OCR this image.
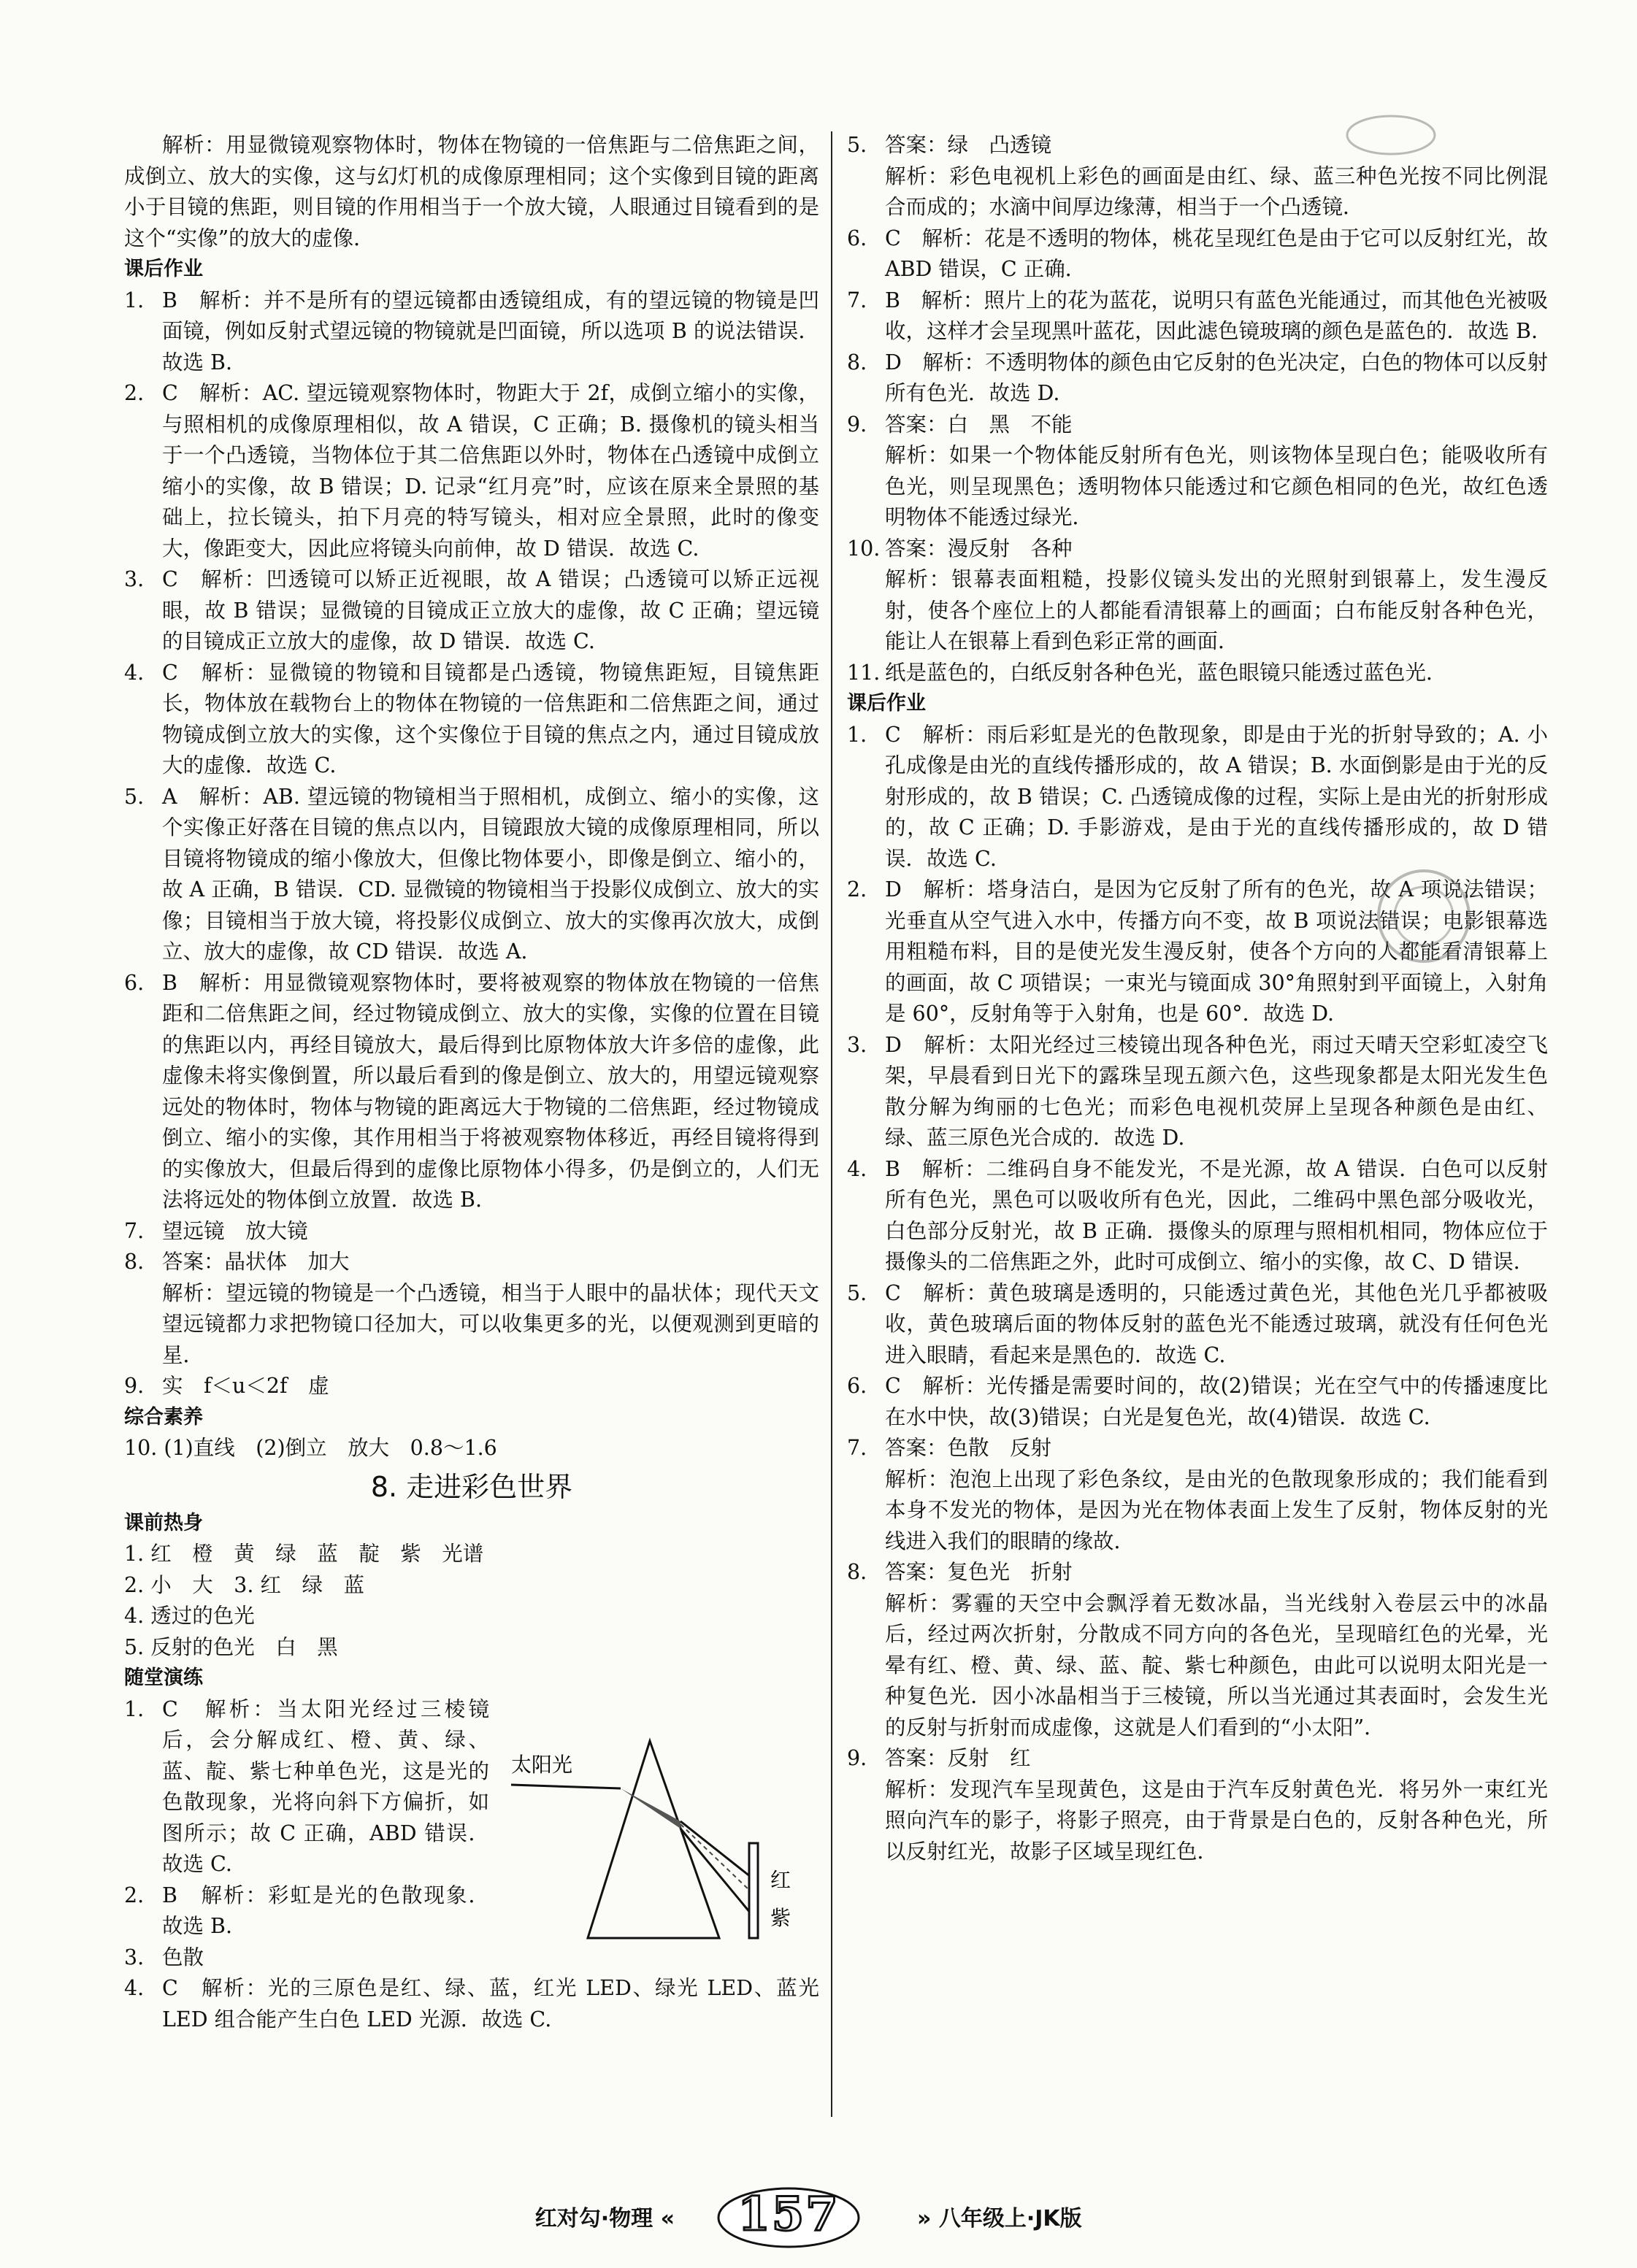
解析：用显微镜观察物体时，物体在物镜的一倍焦距与二倍焦距之间，成倒立、放大的实像，这与幻灯机的成像原理相同；这个实像到目镜的距离小于目镜的焦距，则目镜的作用相当于一个放大镜，人眼通过目镜看到的是这个“实像”的放大的虚像．

课后作业

1. B　解析：并不是所有的望远镜都由透镜组成，有的望远镜的物镜是凹面镜，例如反射式望远镜的物镜就是凹面镜，所以选项 B 的说法错误．故选 B.

2. C　解析：AC. 望远镜观察物体时，物距大于 2f，成倒立缩小的实像，与照相机的成像原理相似，故 A 错误，C 正确；B. 摄像机的镜头相当于一个凸透镜，当物体位于其二倍焦距以外时，物体在凸透镜中成倒立缩小的实像，故 B 错误；D. 记录“红月亮”时，应该在原来全景照的基础上，拉长镜头，拍下月亮的特写镜头，相对应全景照，此时的像变大，像距变大，因此应将镜头向前伸，故 D 错误．故选 C.

3. C　解析：凹透镜可以矫正近视眼，故 A 错误；凸透镜可以矫正远视眼，故 B 错误；显微镜的目镜成正立放大的虚像，故 C 正确；望远镜的目镜成正立放大的虚像，故 D 错误．故选 C.

4. C　解析：显微镜的物镜和目镜都是凸透镜，物镜焦距短，目镜焦距长，物体放在载物台上的物体在物镜的一倍焦距和二倍焦距之间，通过物镜成倒立放大的实像，这个实像位于目镜的焦点之内，通过目镜成放大的虚像．故选 C.

5. A　解析：AB. 望远镜的物镜相当于照相机，成倒立、缩小的实像，这个实像正好落在目镜的焦点以内，目镜跟放大镜的成像原理相同，所以目镜将物镜成的缩小像放大，但像比物体要小，即像是倒立、缩小的，故 A 正确，B 错误．CD. 显微镜的物镜相当于投影仪成倒立、放大的实像；目镜相当于放大镜，将投影仪成倒立、放大的实像再次放大，成倒立、放大的虚像，故 CD 错误．故选 A.

6. B　解析：用显微镜观察物体时，要将被观察的物体放在物镜的一倍焦距和二倍焦距之间，经过物镜成倒立、放大的实像，实像的位置在目镜的焦距以内，再经目镜放大，最后得到比原物体放大许多倍的虚像，此虚像未将实像倒置，所以最后看到的像是倒立、放大的，用望远镜观察远处的物体时，物体与物镜的距离远大于物镜的二倍焦距，经过物镜成倒立、缩小的实像，其作用相当于将被观察物体移近，再经目镜将得到的实像放大，但最后得到的虚像比原物体小得多，仍是倒立的，人们无法将远处的物体倒立放置．故选 B.

7. 望远镜　放大镜

8. 答案：晶状体　加大

解析：望远镜的物镜是一个凸透镜，相当于人眼中的晶状体；现代天文望远镜都力求把物镜口径加大，可以收集更多的光，以便观测到更暗的星．

9. 实　f＜u＜2f　虚

综合素养

10. (1)直线　(2)倒立　放大　0.8～1.6

8. 走进彩色世界

课前热身

1. 红　橙　黄　绿　蓝　靛　紫　光谱

2. 小　大　3. 红　绿　蓝

4. 透过的色光

5. 反射的色光　白　黑

随堂演练

1. C　解析：当太阳光经过三棱镜后，会分解成红、橙、黄、绿、蓝、靛、紫七种单色光，这是光的色散现象，光将向斜下方偏折，如图所示；故 C 正确，ABD 错误．故选 C.

2. B　解析：彩虹是光的色散现象．故选 B.

太阳光
红
紫

3. 色散

4. C　解析：光的三原色是红、绿、蓝，红光 LED、绿光 LED、蓝光 LED 组合能产生白色 LED 光源．故选 C.

5. 答案：绿　凸透镜

解析：彩色电视机上彩色的画面是由红、绿、蓝三种色光按不同比例混合而成的；水滴中间厚边缘薄，相当于一个凸透镜．

6. C　解析：花是不透明的物体，桃花呈现红色是由于它可以反射红光，故 ABD 错误，C 正确．

7. B　解析：照片上的花为蓝花，说明只有蓝色光能通过，而其他色光被吸收，这样才会呈现黑叶蓝花，因此滤色镜玻璃的颜色是蓝色的．故选 B.

8. D　解析：不透明物体的颜色由它反射的色光决定，白色的物体可以反射所有色光．故选 D.

9. 答案：白　黑　不能

解析：如果一个物体能反射所有色光，则该物体呈现白色；能吸收所有色光，则呈现黑色；透明物体只能透过和它颜色相同的色光，故红色透明物体不能透过绿光．

10. 答案：漫反射　各种

解析：银幕表面粗糙，投影仪镜头发出的光照射到银幕上，发生漫反射，使各个座位上的人都能看清银幕上的画面；白布能反射各种色光，能让人在银幕上看到色彩正常的画面．

11. 纸是蓝色的，白纸反射各种色光，蓝色眼镜只能透过蓝色光．

课后作业

1. C　解析：雨后彩虹是光的色散现象，即是由于光的折射导致的；A. 小孔成像是由光的直线传播形成的，故 A 错误；B. 水面倒影是由于光的反射形成的，故 B 错误；C. 凸透镜成像的过程，实际上是由光的折射形成的，故 C 正确；D. 手影游戏，是由于光的直线传播形成的，故 D 错误．故选 C.

2. D　解析：塔身洁白，是因为它反射了所有的色光，故 A 项说法错误；光垂直从空气进入水中，传播方向不变，故 B 项说法错误；电影银幕选用粗糙布料，目的是使光发生漫反射，使各个方向的人都能看清银幕上的画面，故 C 项错误；一束光与镜面成 30°角照射到平面镜上，入射角是 60°，反射角等于入射角，也是 60°．故选 D.

3. D　解析：太阳光经过三棱镜出现各种色光，雨过天晴天空彩虹凌空飞架，早晨看到日光下的露珠呈现五颜六色，这些现象都是太阳光发生色散分解为绚丽的七色光；而彩色电视机荧屏上呈现各种颜色是由红、绿、蓝三原色光合成的．故选 D.

4. B　解析：二维码自身不能发光，不是光源，故 A 错误．白色可以反射所有色光，黑色可以吸收所有色光，因此，二维码中黑色部分吸收光，白色部分反射光，故 B 正确．摄像头的原理与照相机相同，物体应位于摄像头的二倍焦距之外，此时可成倒立、缩小的实像，故 C、D 错误．

5. C　解析：黄色玻璃是透明的，只能透过黄色光，其他色光几乎都被吸收，黄色玻璃后面的物体反射的蓝色光不能透过玻璃，就没有任何色光进入眼睛，看起来是黑色的．故选 C.

6. C　解析：光传播是需要时间的，故(2)错误；光在空气中的传播速度比在水中快，故(3)错误；白光是复色光，故(4)错误．故选 C.

7. 答案：色散　反射

解析：泡泡上出现了彩色条纹，是由光的色散现象形成的；我们能看到本身不发光的物体，是因为光在物体表面上发生了反射，物体反射的光线进入我们的眼睛的缘故．

8. 答案：复色光　折射

解析：雾霾的天空中会飘浮着无数冰晶，当光线射入卷层云中的冰晶后，经过两次折射，分散成不同方向的各色光，呈现暗红色的光晕，光晕有红、橙、黄、绿、蓝、靛、紫七种颜色，由此可以说明太阳光是一种复色光．因小冰晶相当于三棱镜，所以当光通过其表面时，会发生光的反射与折射而成虚像，这就是人们看到的“小太阳”．

9. 答案：反射　红

解析：发现汽车呈现黄色，这是由于汽车反射黄色光．将另外一束红光照向汽车的影子，将影子照亮，由于背景是白色的，反射各种色光，所以反射红光，故影子区域呈现红色．

红对勾·物理 «	157	» 八年级上·JK版
